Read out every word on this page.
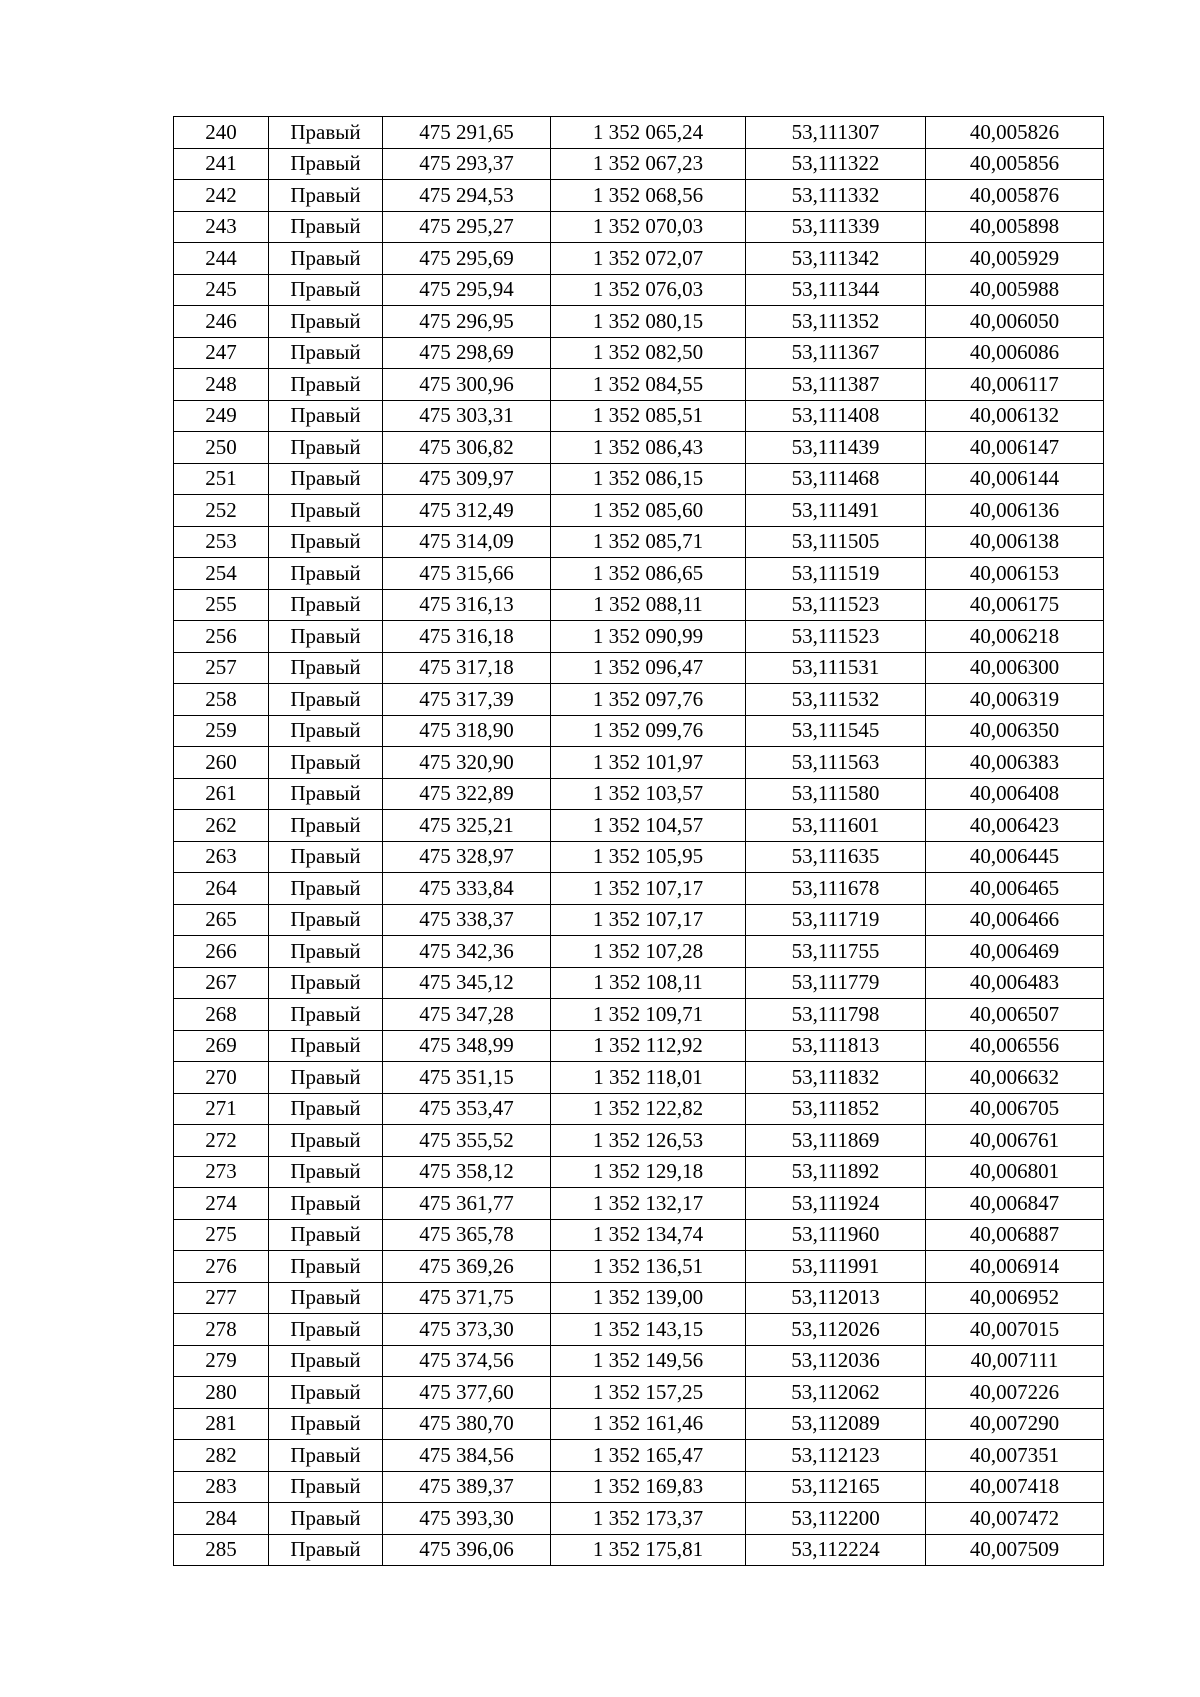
240	Правый	475 291,65	1 352 065,24	53,111307	40,005826
241	Правый	475 293,37	1 352 067,23	53,111322	40,005856
242	Правый	475 294,53	1 352 068,56	53,111332	40,005876
243	Правый	475 295,27	1 352 070,03	53,111339	40,005898
244	Правый	475 295,69	1 352 072,07	53,111342	40,005929
245	Правый	475 295,94	1 352 076,03	53,111344	40,005988
246	Правый	475 296,95	1 352 080,15	53,111352	40,006050
247	Правый	475 298,69	1 352 082,50	53,111367	40,006086
248	Правый	475 300,96	1 352 084,55	53,111387	40,006117
249	Правый	475 303,31	1 352 085,51	53,111408	40,006132
250	Правый	475 306,82	1 352 086,43	53,111439	40,006147
251	Правый	475 309,97	1 352 086,15	53,111468	40,006144
252	Правый	475 312,49	1 352 085,60	53,111491	40,006136
253	Правый	475 314,09	1 352 085,71	53,111505	40,006138
254	Правый	475 315,66	1 352 086,65	53,111519	40,006153
255	Правый	475 316,13	1 352 088,11	53,111523	40,006175
256	Правый	475 316,18	1 352 090,99	53,111523	40,006218
257	Правый	475 317,18	1 352 096,47	53,111531	40,006300
258	Правый	475 317,39	1 352 097,76	53,111532	40,006319
259	Правый	475 318,90	1 352 099,76	53,111545	40,006350
260	Правый	475 320,90	1 352 101,97	53,111563	40,006383
261	Правый	475 322,89	1 352 103,57	53,111580	40,006408
262	Правый	475 325,21	1 352 104,57	53,111601	40,006423
263	Правый	475 328,97	1 352 105,95	53,111635	40,006445
264	Правый	475 333,84	1 352 107,17	53,111678	40,006465
265	Правый	475 338,37	1 352 107,17	53,111719	40,006466
266	Правый	475 342,36	1 352 107,28	53,111755	40,006469
267	Правый	475 345,12	1 352 108,11	53,111779	40,006483
268	Правый	475 347,28	1 352 109,71	53,111798	40,006507
269	Правый	475 348,99	1 352 112,92	53,111813	40,006556
270	Правый	475 351,15	1 352 118,01	53,111832	40,006632
271	Правый	475 353,47	1 352 122,82	53,111852	40,006705
272	Правый	475 355,52	1 352 126,53	53,111869	40,006761
273	Правый	475 358,12	1 352 129,18	53,111892	40,006801
274	Правый	475 361,77	1 352 132,17	53,111924	40,006847
275	Правый	475 365,78	1 352 134,74	53,111960	40,006887
276	Правый	475 369,26	1 352 136,51	53,111991	40,006914
277	Правый	475 371,75	1 352 139,00	53,112013	40,006952
278	Правый	475 373,30	1 352 143,15	53,112026	40,007015
279	Правый	475 374,56	1 352 149,56	53,112036	40,007111
280	Правый	475 377,60	1 352 157,25	53,112062	40,007226
281	Правый	475 380,70	1 352 161,46	53,112089	40,007290
282	Правый	475 384,56	1 352 165,47	53,112123	40,007351
283	Правый	475 389,37	1 352 169,83	53,112165	40,007418
284	Правый	475 393,30	1 352 173,37	53,112200	40,007472
285	Правый	475 396,06	1 352 175,81	53,112224	40,007509
